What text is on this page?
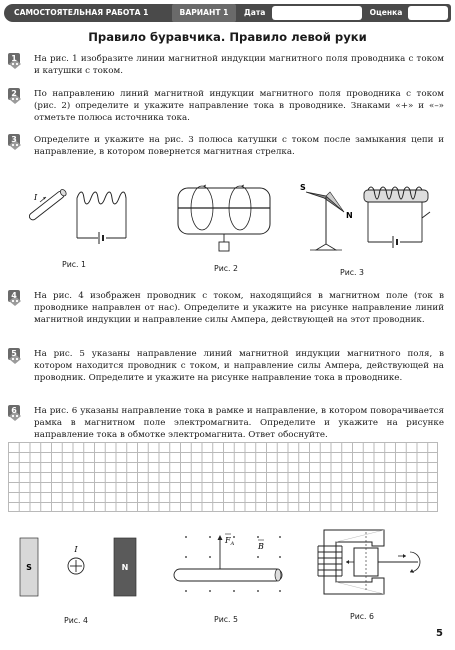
САМОСТОЯТЕЛЬНАЯ РАБОТА 1	ВАРИАНТ 1	Дата	Оценка
Правило буравчика. Правило левой руки
1	На рис. 1 изобразите линии магнитной индукции магнитного поля проводника с током и катушки с током.
2	По направлению линий магнитной индукции магнитного поля проводника с током (рис. 2) определите и укажите направление тока в проводнике. Знаками «+» и «–» отметьте полюса источника тока.
3	Определите и укажите на рис. 3 полюса катушки с током после замыкания цепи и направление, в котором повернется магнитная стрелка.
I
Рис. 1	Рис. 2
S
N
Рис. 3
4	На рис. 4 изображен проводник с током, находящийся в магнитном поле (ток в проводнике направлен от нас). Определите и укажите на рисунке направление линий магнитной индукции и направление силы Ампера, действующей на этот проводник.
5	На рис. 5 указаны направление линий магнитной индукции магнитного поля, в котором находится проводник с током, и направление силы Ампера, действующей на проводник. Определите и укажите на рисунке направление тока в проводнике.
6	На рис. 6 указаны направление тока в рамке и направление, в котором поворачивается рамка в магнитном поле электромагнита. Определите и укажите на рисунке направление тока в обмотке электромагнита. Ответ обоснуйте.
S
I
N
Рис. 4
$F_A$	B
Рис. 5	Рис. 6
5
